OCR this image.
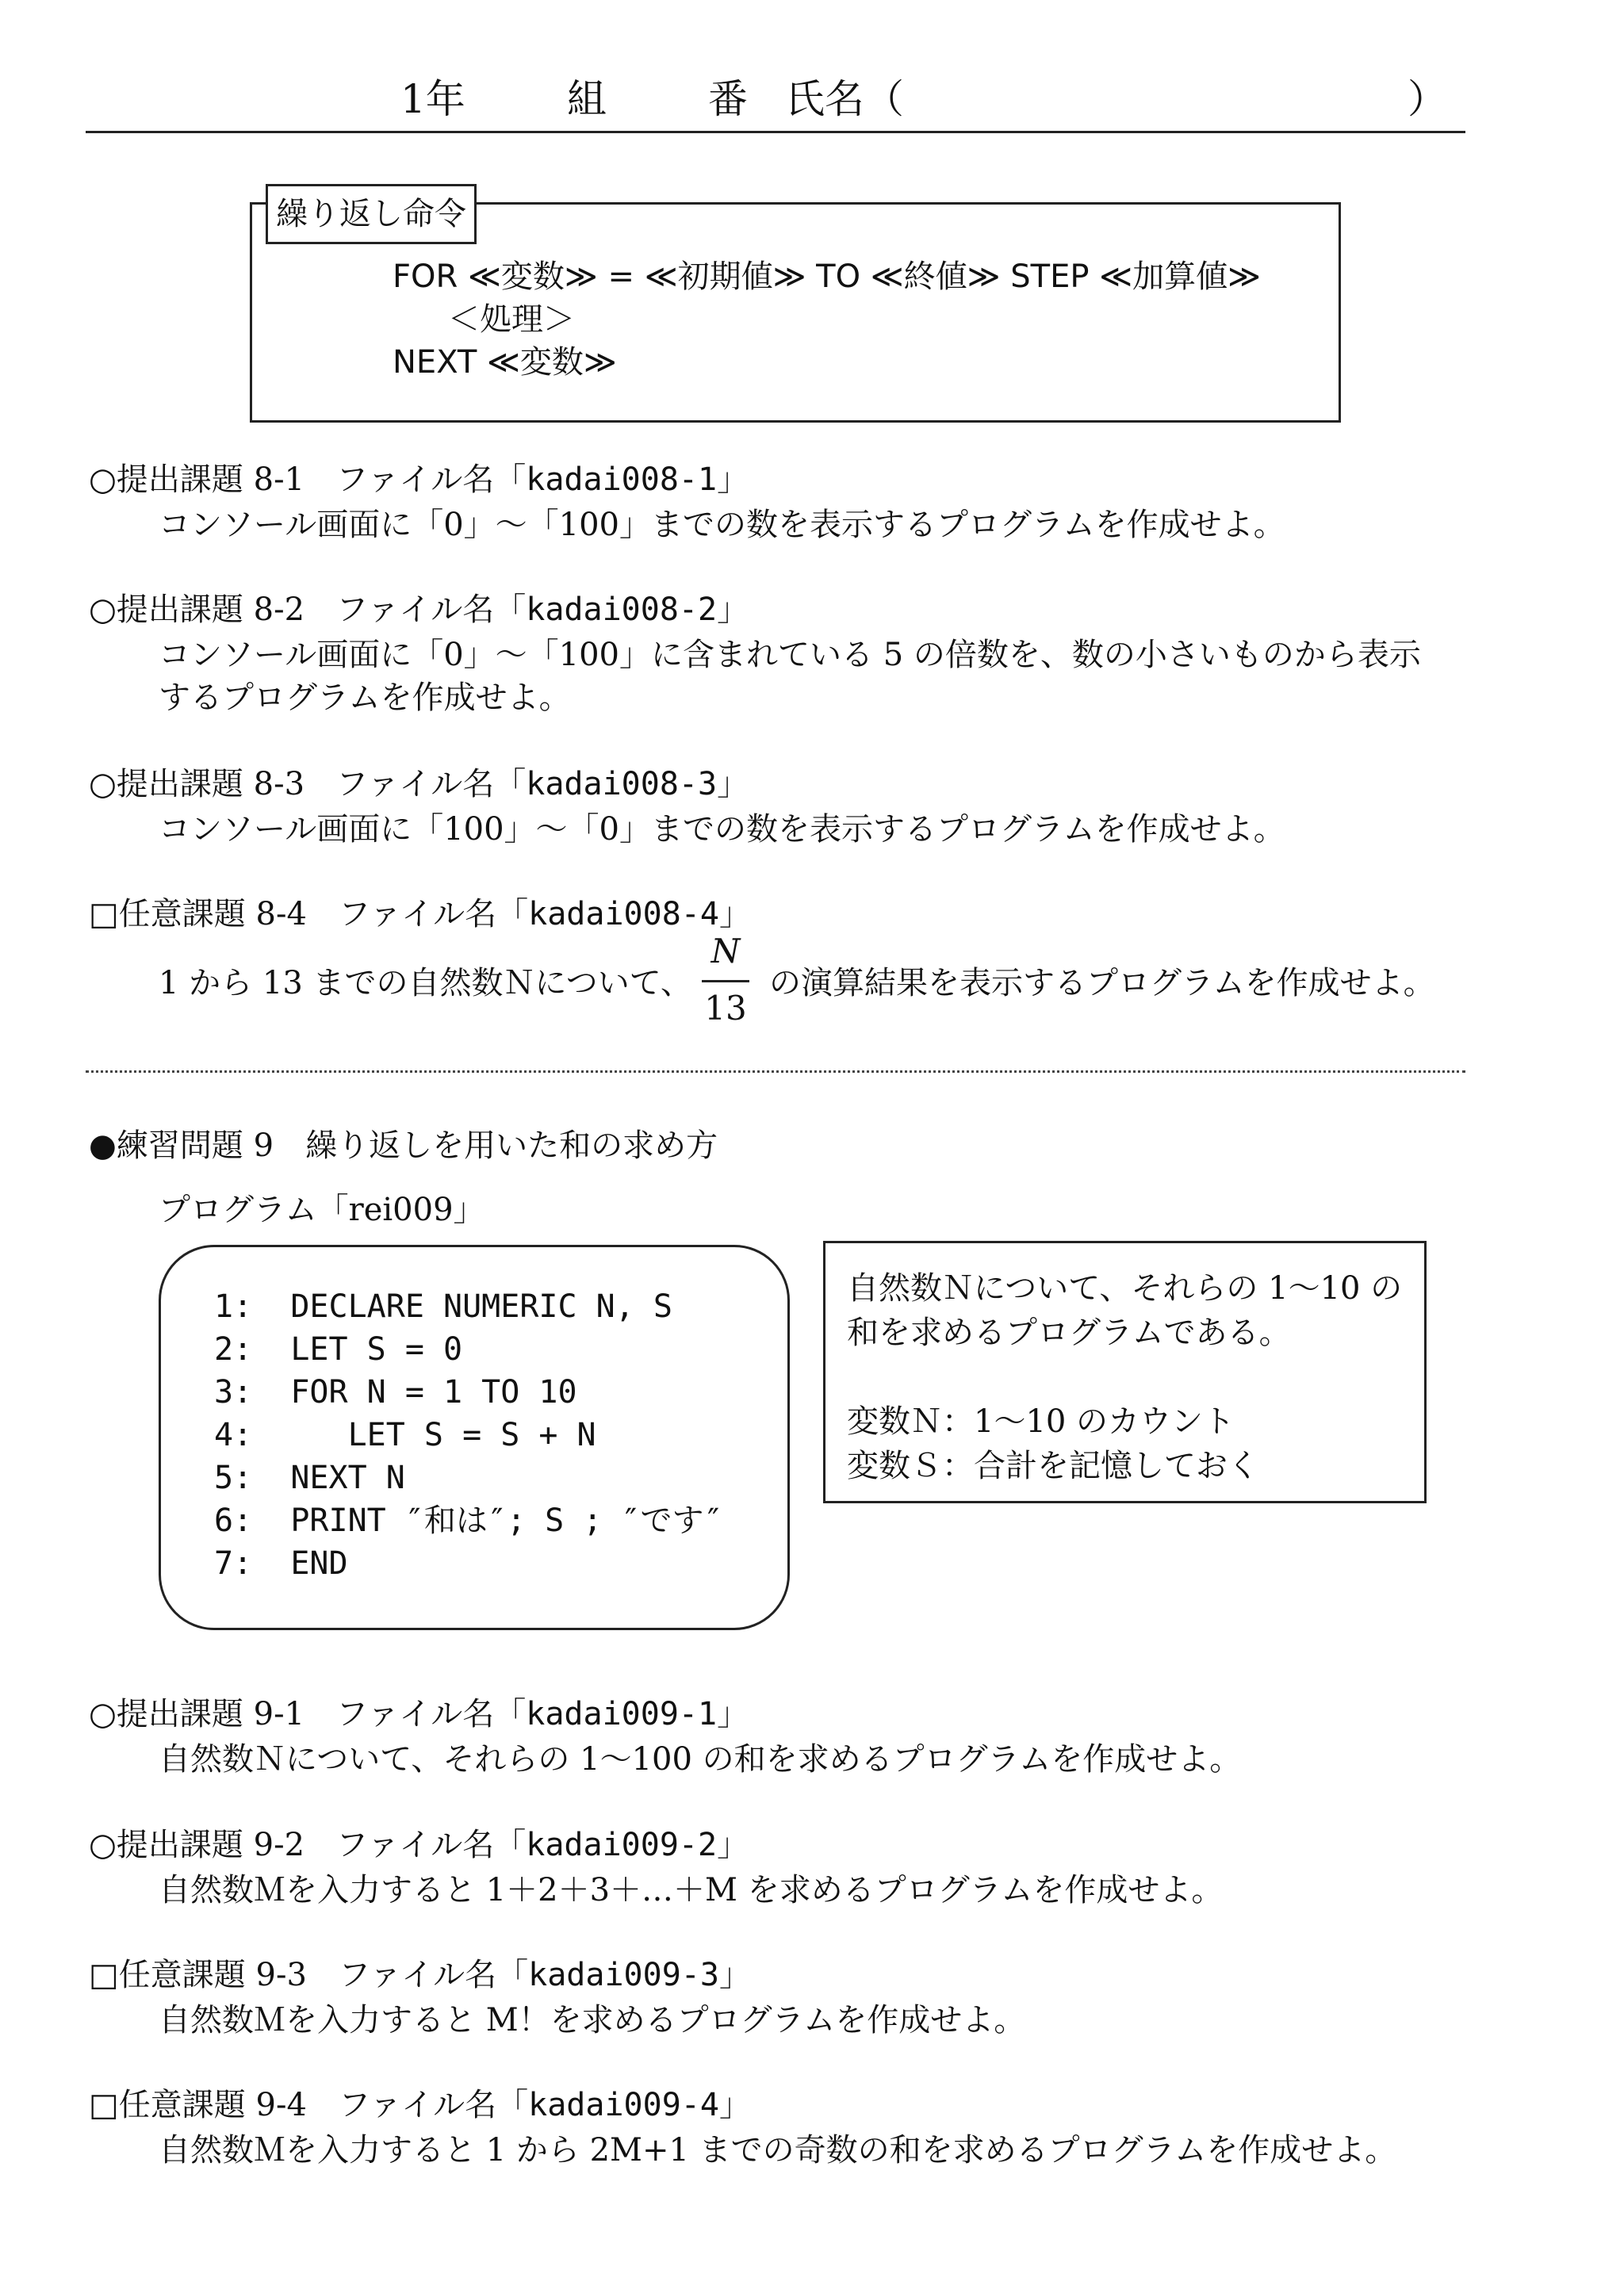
1年	組	番 氏名（	）
繰り返し命令
FOR ≪変数≫ = ≪初期値≫ TO ≪終値≫ STEP ≪加算値≫
＜処理＞
NEXT ≪変数≫
○提出課題 8-1　 ファイル名「kadai008-1」
コンソール画面に「0」～「100」までの数を表示するプログラムを作成せよ。
○提出課題 8-2　 ファイル名「kadai008-2」
コンソール画面に「0」～「100」に含まれている 5 の倍数を、数の小さいものから表示
するプログラムを作成せよ。
○提出課題 8-3　 ファイル名「kadai008-3」
コンソール画面に「100」～「0」までの数を表示するプログラムを作成せよ。
□任意課題 8-4　 ファイル名「kadai008-4」
1 から 13 までの自然数Ｎについて、
N
13
の演算結果を表示するプログラムを作成せよ。
●練習問題 9　繰り返しを用いた和の求め方
プログラム「rei009」
1:  DECLARE NUMERIC N, S
2:  LET S = 0
3:  FOR N = 1 TO 10
4:     LET S = S + N
5:  NEXT N
6:  PRINT ″和は″; S ; ″です″
7:  END
自然数Ｎについて、それらの 1～10 の
和を求めるプログラムである。
変数Ｎ：1～10 のカウント
変数Ｓ：合計を記憶しておく
○提出課題 9-1　 ファイル名「kadai009-1」
自然数Ｎについて、それらの 1～100 の和を求めるプログラムを作成せよ。
○提出課題 9-2　 ファイル名「kadai009-2」
自然数Ｍを入力すると 1＋2＋3＋…＋M を求めるプログラムを作成せよ。
□任意課題 9-3　 ファイル名「kadai009-3」
自然数Ｍを入力すると M！を求めるプログラムを作成せよ。
□任意課題 9-4　 ファイル名「kadai009-4」
自然数Ｍを入力すると 1 から 2M+1 までの奇数の和を求めるプログラムを作成せよ。
